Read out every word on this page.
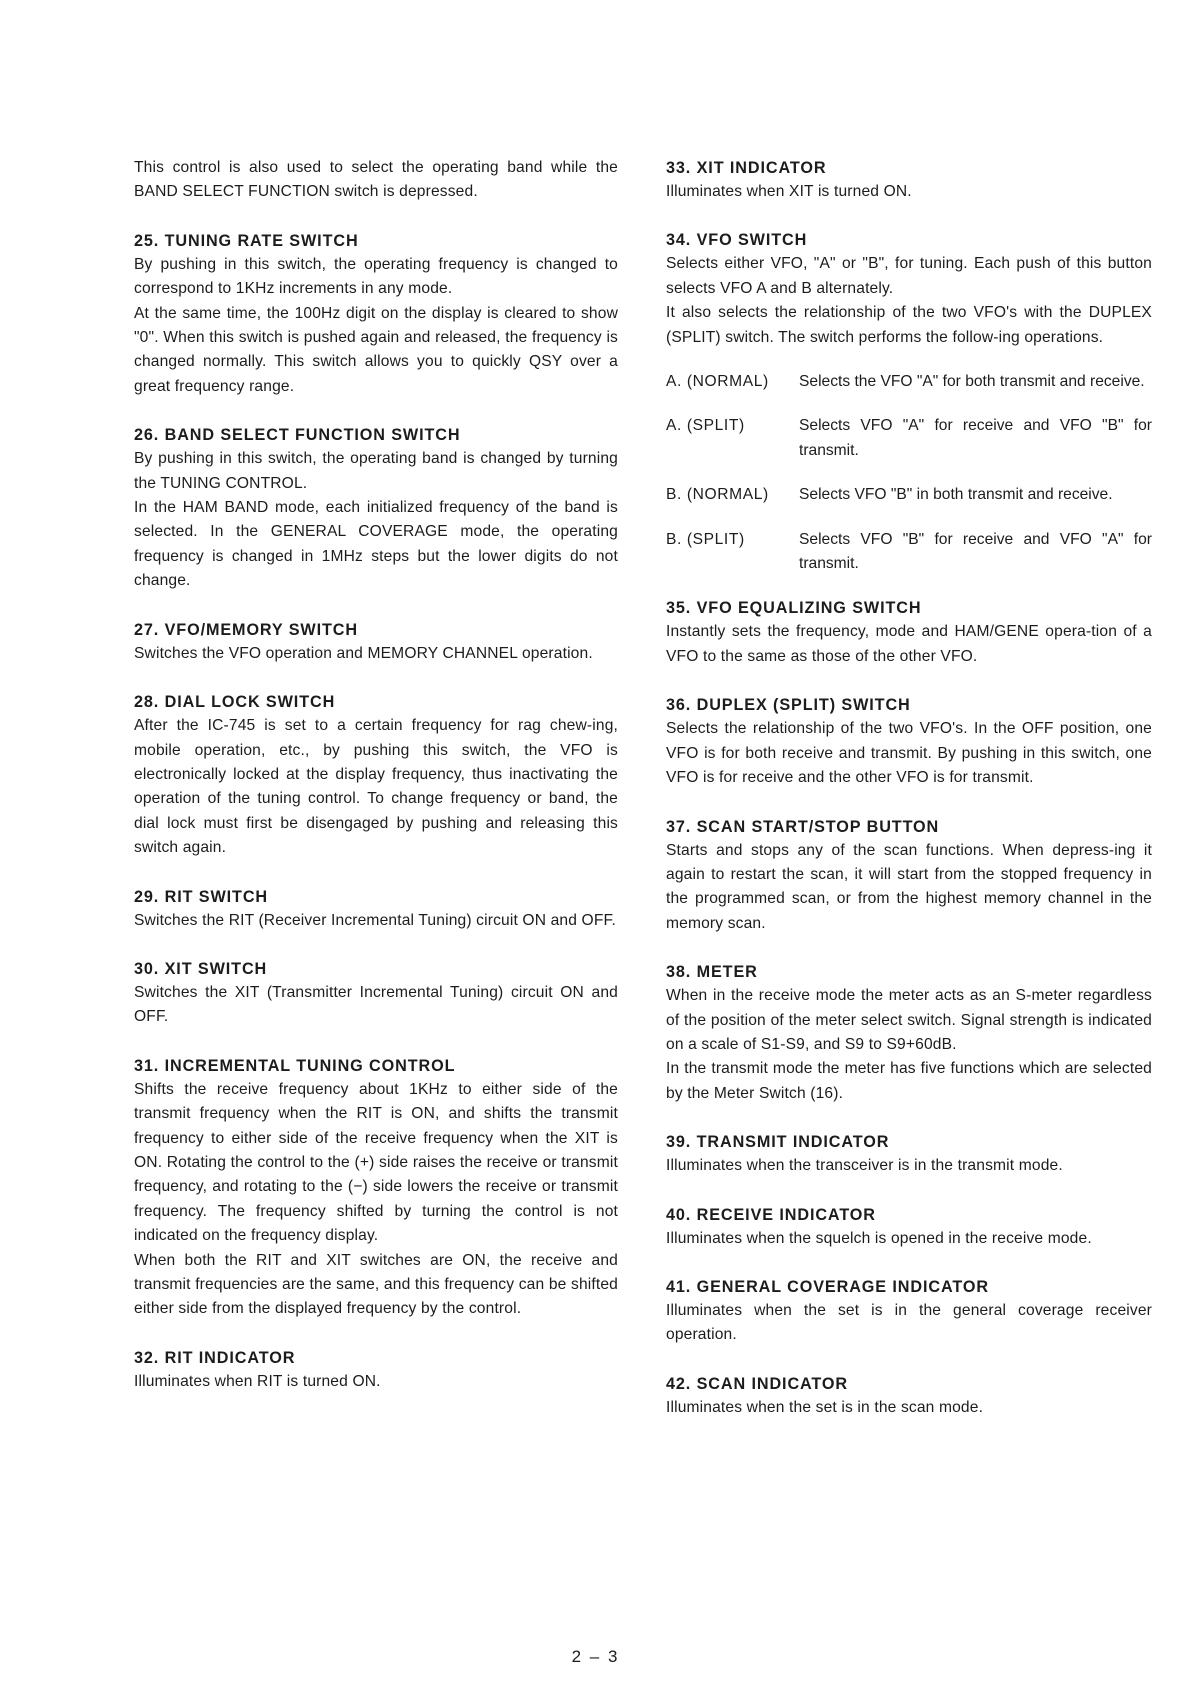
This control is also used to select the operating band while the BAND SELECT FUNCTION switch is depressed.

25. TUNING RATE SWITCH

By pushing in this switch, the operating frequency is changed to correspond to 1KHz increments in any mode.

At the same time, the 100Hz digit on the display is cleared to show "0". When this switch is pushed again and released, the frequency is changed normally. This switch allows you to quickly QSY over a great frequency range.

26. BAND SELECT FUNCTION SWITCH

By pushing in this switch, the operating band is changed by turning the TUNING CONTROL.

In the HAM BAND mode, each initialized frequency of the band is selected. In the GENERAL COVERAGE mode, the operating frequency is changed in 1MHz steps but the lower digits do not change.

27. VFO/MEMORY SWITCH

Switches the VFO operation and MEMORY CHANNEL operation.

28. DIAL LOCK SWITCH

After the IC-745 is set to a certain frequency for rag chew-ing, mobile operation, etc., by pushing this switch, the VFO is electronically locked at the display frequency, thus inactivating the operation of the tuning control. To change frequency or band, the dial lock must first be disengaged by pushing and releasing this switch again.

29. RIT SWITCH

Switches the RIT (Receiver Incremental Tuning) circuit ON and OFF.

30. XIT SWITCH

Switches the XIT (Transmitter Incremental Tuning) circuit ON and OFF.

31. INCREMENTAL TUNING CONTROL

Shifts the receive frequency about 1KHz to either side of the transmit frequency when the RIT is ON, and shifts the transmit frequency to either side of the receive frequency when the XIT is ON. Rotating the control to the (+) side raises the receive or transmit frequency, and rotating to the (−) side lowers the receive or transmit frequency. The frequency shifted by turning the control is not indicated on the frequency display.

When both the RIT and XIT switches are ON, the receive and transmit frequencies are the same, and this frequency can be shifted either side from the displayed frequency by the control.

32. RIT INDICATOR

Illuminates when RIT is turned ON.

33. XIT INDICATOR

Illuminates when XIT is turned ON.

34. VFO SWITCH

Selects either VFO, "A" or "B", for tuning. Each push of this button selects VFO A and B alternately.

It also selects the relationship of the two VFO's with the DUPLEX (SPLIT) switch. The switch performs the follow-ing operations.

A. (NORMAL)	Selects the VFO "A" for both transmit and receive.
A. (SPLIT)	Selects VFO "A" for receive and VFO "B" for transmit.
B. (NORMAL)	Selects VFO "B" in both transmit and receive.
B. (SPLIT)	Selects VFO "B" for receive and VFO "A" for transmit.
35. VFO EQUALIZING SWITCH

Instantly sets the frequency, mode and HAM/GENE opera-tion of a VFO to the same as those of the other VFO.

36. DUPLEX (SPLIT) SWITCH

Selects the relationship of the two VFO's. In the OFF position, one VFO is for both receive and transmit. By pushing in this switch, one VFO is for receive and the other VFO is for transmit.

37. SCAN START/STOP BUTTON

Starts and stops any of the scan functions. When depress-ing it again to restart the scan, it will start from the stopped frequency in the programmed scan, or from the highest memory channel in the memory scan.

38. METER

When in the receive mode the meter acts as an S-meter regardless of the position of the meter select switch. Signal strength is indicated on a scale of S1-S9, and S9 to S9+60dB.

In the transmit mode the meter has five functions which are selected by the Meter Switch (16).

39. TRANSMIT INDICATOR

Illuminates when the transceiver is in the transmit mode.

40. RECEIVE INDICATOR

Illuminates when the squelch is opened in the receive mode.

41. GENERAL COVERAGE INDICATOR

Illuminates when the set is in the general coverage receiver operation.

42. SCAN INDICATOR

Illuminates when the set is in the scan mode.

2 – 3
